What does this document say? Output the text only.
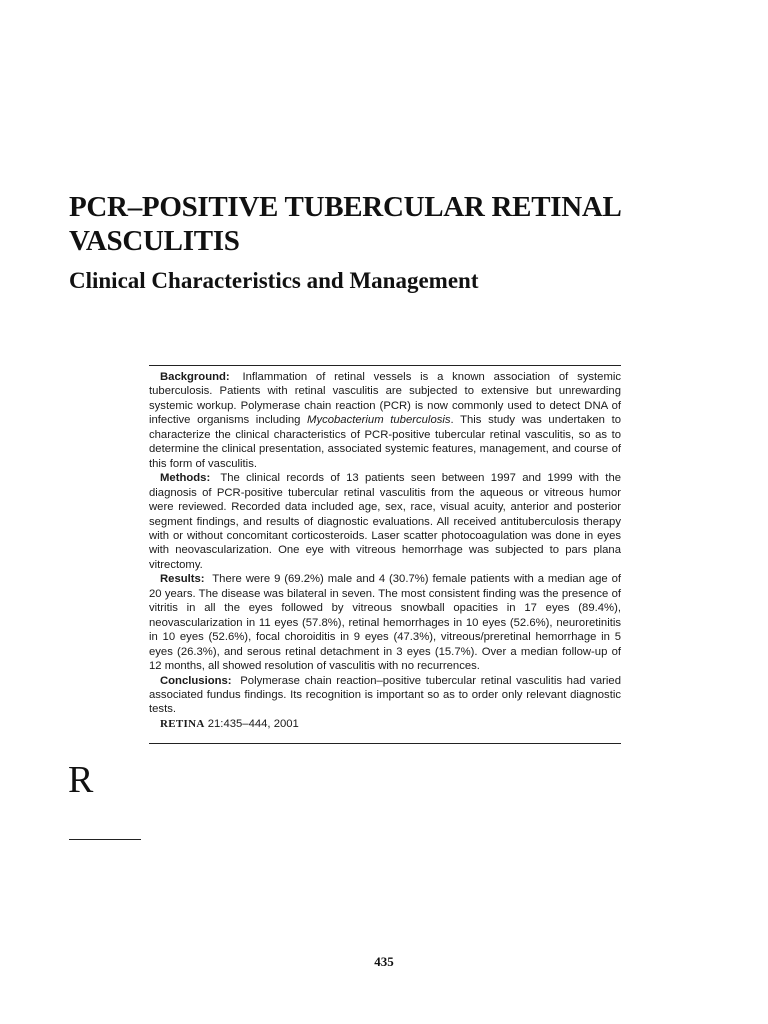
PCR–POSITIVE TUBERCULAR RETINAL VASCULITIS
Clinical Characteristics and Management

Background: Inflammation of retinal vessels is a known association of systemic tuberculosis. Patients with retinal vasculitis are subjected to extensive but unrewarding systemic workup. Polymerase chain reaction (PCR) is now commonly used to detect DNA of infective organisms including Mycobacterium tuberculosis. This study was undertaken to characterize the clinical characteristics of PCR-positive tubercular retinal vasculitis, so as to determine the clinical presentation, associated systemic features, management, and course of this form of vasculitis.

Methods: The clinical records of 13 patients seen between 1997 and 1999 with the diagnosis of PCR-positive tubercular retinal vasculitis from the aqueous or vitreous humor were reviewed. Recorded data included age, sex, race, visual acuity, anterior and posterior segment findings, and results of diagnostic evaluations. All received antituberculosis therapy with or without concomitant corticosteroids. Laser scatter photocoagulation was done in eyes with neovascularization. One eye with vitreous hemorrhage was subjected to pars plana vitrectomy.

Results: There were 9 (69.2%) male and 4 (30.7%) female patients with a median age of 20 years. The disease was bilateral in seven. The most consistent finding was the presence of vitritis in all the eyes followed by vitreous snowball opacities in 17 eyes (89.4%), neovascularization in 11 eyes (57.8%), retinal hemorrhages in 10 eyes (52.6%), neuroretinitis in 10 eyes (52.6%), focal choroiditis in 9 eyes (47.3%), vitreous/preretinal hemorrhage in 5 eyes (26.3%), and serous retinal detachment in 3 eyes (15.7%). Over a median follow-up of 12 months, all showed resolution of vasculitis with no recurrences.

Conclusions: Polymerase chain reaction–positive tubercular retinal vasculitis had varied associated fundus findings. Its recognition is important so as to order only relevant diagnostic tests.

RETINA 21:435–444, 2001

R
435
